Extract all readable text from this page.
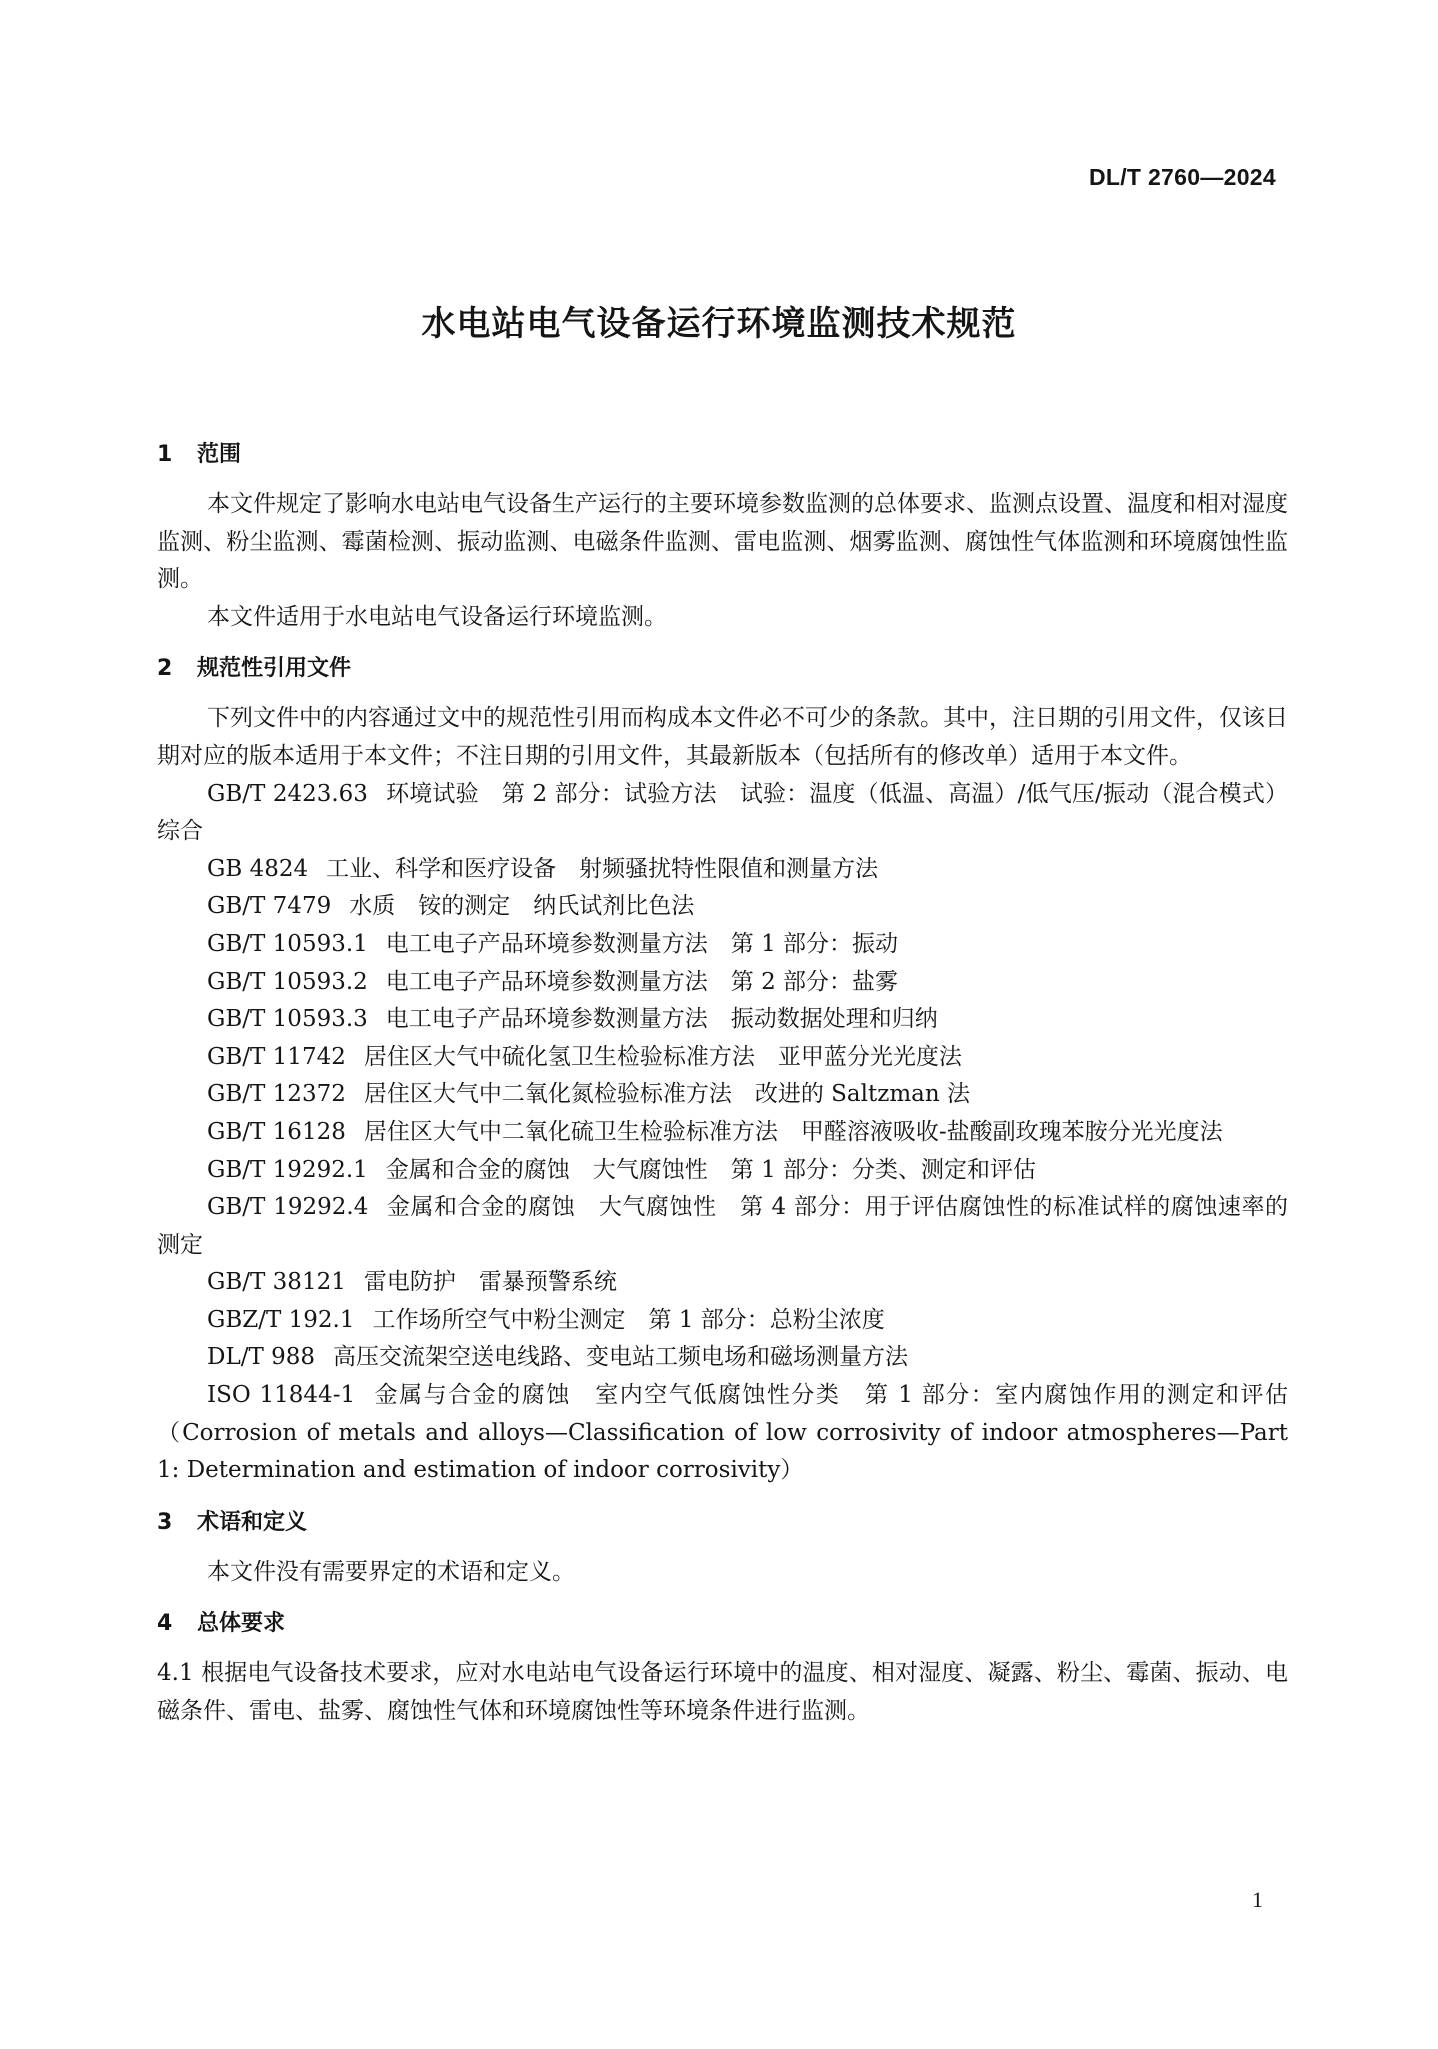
DL/T 2760—2024
水电站电气设备运行环境监测技术规范

1 范围

本文件规定了影响水电站电气设备生产运行的主要环境参数监测的总体要求、监测点设置、温度和相对湿度监测、粉尘监测、霉菌检测、振动监测、电磁条件监测、雷电监测、烟雾监测、腐蚀性气体监测和环境腐蚀性监测。

本文件适用于水电站电气设备运行环境监测。

2 规范性引用文件

下列文件中的内容通过文中的规范性引用而构成本文件必不可少的条款。其中，注日期的引用文件，仅该日期对应的版本适用于本文件；不注日期的引用文件，其最新版本（包括所有的修改单）适用于本文件。

GB/T 2423.63 环境试验　第 2 部分：试验方法　试验：温度（低温、高温）/低气压/振动（混合模式）综合

GB 4824 工业、科学和医疗设备　射频骚扰特性限值和测量方法

GB/T 7479 水质　铵的测定　纳氏试剂比色法

GB/T 10593.1 电工电子产品环境参数测量方法　第 1 部分：振动

GB/T 10593.2 电工电子产品环境参数测量方法　第 2 部分：盐雾

GB/T 10593.3 电工电子产品环境参数测量方法　振动数据处理和归纳

GB/T 11742 居住区大气中硫化氢卫生检验标准方法　亚甲蓝分光光度法

GB/T 12372 居住区大气中二氧化氮检验标准方法　改进的 Saltzman 法

GB/T 16128 居住区大气中二氧化硫卫生检验标准方法　甲醛溶液吸收-盐酸副玫瑰苯胺分光光度法

GB/T 19292.1 金属和合金的腐蚀　大气腐蚀性　第 1 部分：分类、测定和评估

GB/T 19292.4 金属和合金的腐蚀　大气腐蚀性　第 4 部分：用于评估腐蚀性的标准试样的腐蚀速率的测定

GB/T 38121 雷电防护　雷暴预警系统

GBZ/T 192.1 工作场所空气中粉尘测定　第 1 部分：总粉尘浓度

DL/T 988 高压交流架空送电线路、变电站工频电场和磁场测量方法

ISO 11844-1 金属与合金的腐蚀　室内空气低腐蚀性分类　第 1 部分：室内腐蚀作用的测定和评估（Corrosion of metals and alloys—Classification of low corrosivity of indoor atmospheres—Part 1: Determination and estimation of indoor corrosivity）

3 术语和定义

本文件没有需要界定的术语和定义。

4 总体要求

4.1 根据电气设备技术要求，应对水电站电气设备运行环境中的温度、相对湿度、凝露、粉尘、霉菌、振动、电磁条件、雷电、盐雾、腐蚀性气体和环境腐蚀性等环境条件进行监测。

1
